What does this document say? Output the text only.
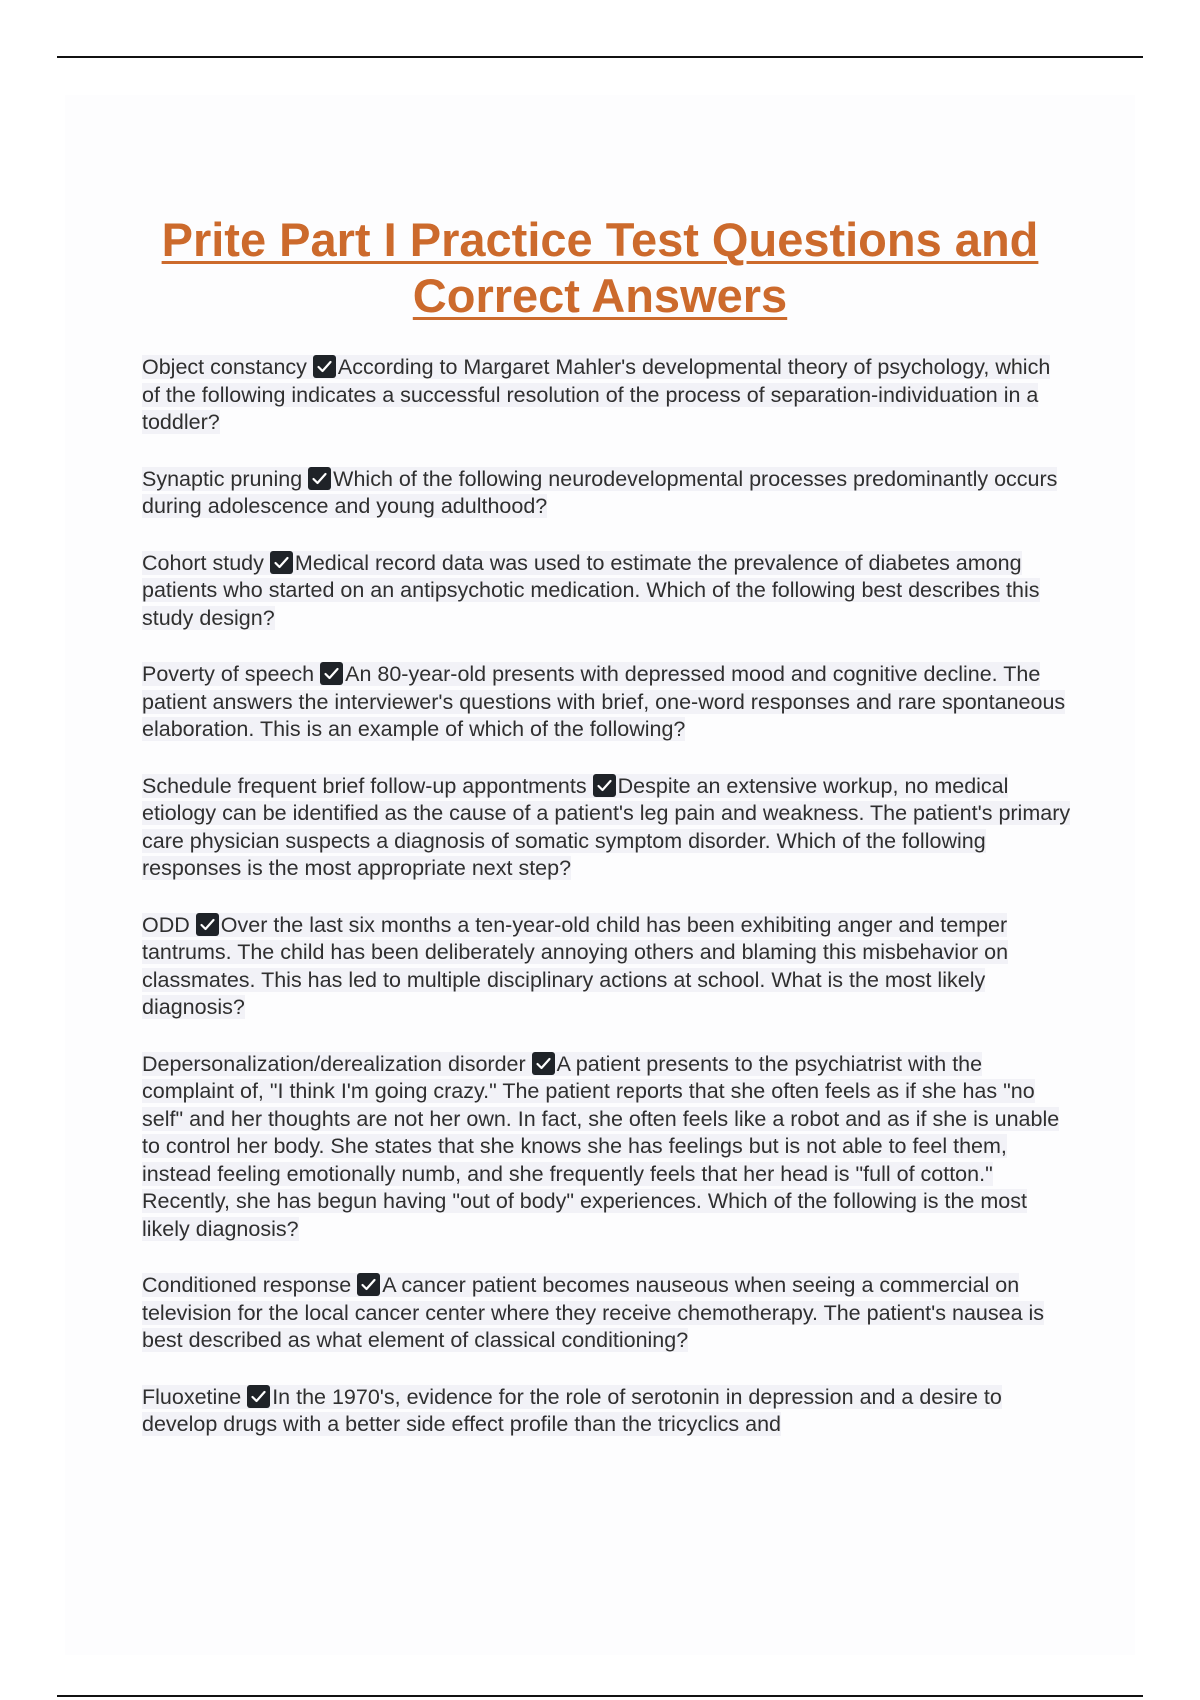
Prite Part I Practice Test Questions and
Correct Answers
Object constancy According to Margaret Mahler's developmental theory of psychology, which of the following indicates a successful resolution of the process of separation-individuation in a toddler?
Synaptic pruning Which of the following neurodevelopmental processes predominantly occurs during adolescence and young adulthood?
Cohort study Medical record data was used to estimate the prevalence of diabetes among patients who started on an antipsychotic medication. Which of the following best describes this study design?
Poverty of speech An 80-year-old presents with depressed mood and cognitive decline. The patient answers the interviewer's questions with brief, one-word responses and rare spontaneous elaboration. This is an example of which of the following?
Schedule frequent brief follow-up appontments Despite an extensive workup, no medical etiology can be identified as the cause of a patient's leg pain and weakness. The patient's primary care physician suspects a diagnosis of somatic symptom disorder. Which of the following responses is the most appropriate next step?
ODD Over the last six months a ten-year-old child has been exhibiting anger and temper tantrums. The child has been deliberately annoying others and blaming this misbehavior on classmates. This has led to multiple disciplinary actions at school. What is the most likely diagnosis?
Depersonalization/derealization disorder A patient presents to the psychiatrist with the complaint of, "I think I'm going crazy." The patient reports that she often feels as if she has "no self" and her thoughts are not her own. In fact, she often feels like a robot and as if she is unable to control her body. She states that she knows she has feelings but is not able to feel them, instead feeling emotionally numb, and she frequently feels that her head is "full of cotton." Recently, she has begun having "out of body" experiences. Which of the following is the most likely diagnosis?
Conditioned response A cancer patient becomes nauseous when seeing a commercial on television for the local cancer center where they receive chemotherapy. The patient's nausea is best described as what element of classical conditioning?
Fluoxetine In the 1970's, evidence for the role of serotonin in depression and a desire to develop drugs with a better side effect profile than the tricyclics and
